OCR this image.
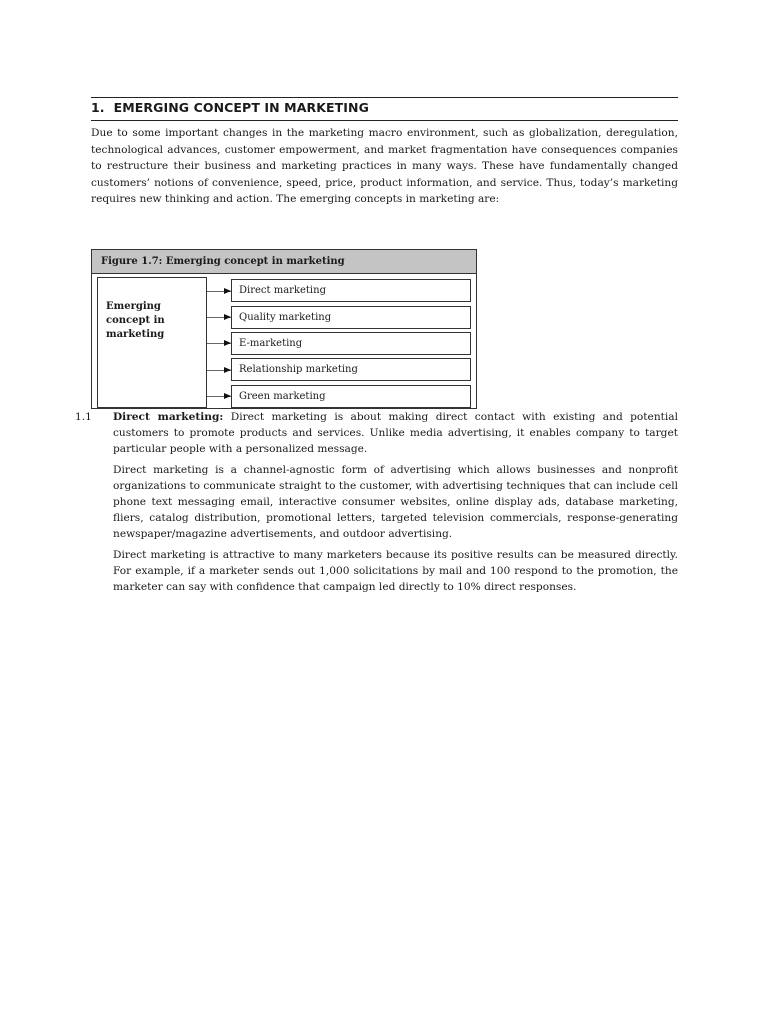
1. EMERGING CONCEPT IN MARKETING

Due to some important changes in the marketing macro environment, such as globalization, deregulation, technological advances, customer empowerment, and market fragmentation have consequences companies to restructure their business and marketing practices in many ways. These have fundamentally changed customers’ notions of convenience, speed, price, product information, and service. Thus, today’s marketing requires new thinking and action. The emerging concepts in marketing are:

Figure 1.7: Emerging concept in marketing
Emerging concept in marketing
Direct marketing
Quality marketing
E-marketing
Relationship marketing
Green marketing

1.1 Direct marketing: Direct marketing is about making direct contact with existing and potential customers to promote products and services. Unlike media advertising, it enables company to target particular people with a personalized message.

Direct marketing is a channel-agnostic form of advertising which allows businesses and nonprofit organizations to communicate straight to the customer, with advertising techniques that can include cell phone text messaging email, interactive consumer websites, online display ads, database marketing, fliers, catalog distribution, promotional letters, targeted television commercials, response-generating newspaper/magazine advertisements, and outdoor advertising.

Direct marketing is attractive to many marketers because its positive results can be measured directly. For example, if a marketer sends out 1,000 solicitations by mail and 100 respond to the promotion, the marketer can say with confidence that campaign led directly to 10% direct responses.
